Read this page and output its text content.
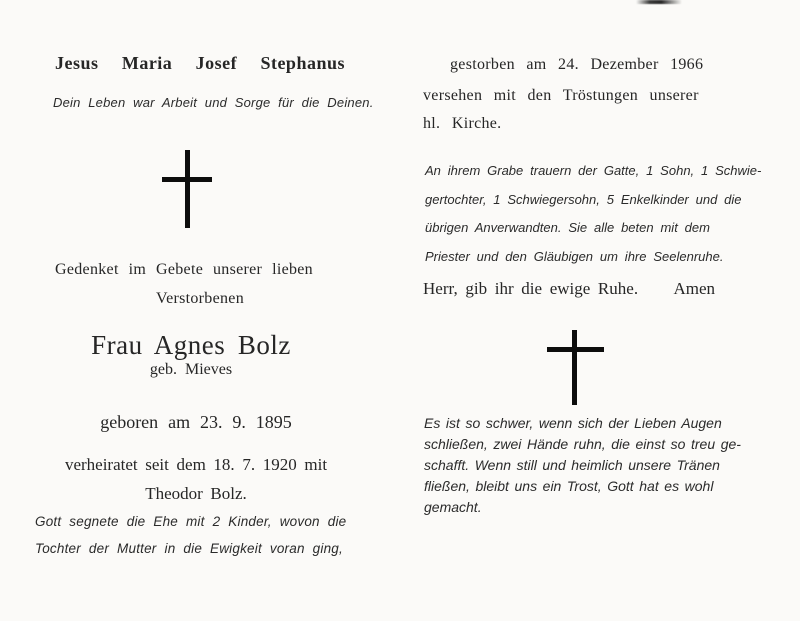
Jesus Maria Josef Stephanus
Dein Leben war Arbeit und Sorge für die Deinen.
Gedenket im Gebete unserer lieben
Verstorbenen
Frau Agnes Bolz
geb. Mieves
geboren am 23. 9. 1895
verheiratet seit dem 18. 7. 1920 mit
Theodor Bolz.
Gott segnete die Ehe mit 2 Kinder, wovon die
Tochter der Mutter in die Ewigkeit voran ging,
gestorben am 24. Dezember 1966
versehen mit den Tröstungen unserer
hl. Kirche.
An ihrem Grabe trauern der Gatte, 1 Sohn, 1 Schwie-
gertochter, 1 Schwiegersohn, 5 Enkelkinder und die
übrigen Anverwandten. Sie alle beten mit dem
Priester und den Gläubigen um ihre Seelenruhe.
Herr, gib ihr die ewige Ruhe. Amen
Es ist so schwer, wenn sich der Lieben Augen
schließen, zwei Hände ruhn, die einst so treu ge-
schafft. Wenn still und heimlich unsere Tränen
fließen, bleibt uns ein Trost, Gott hat es wohl
gemacht.
